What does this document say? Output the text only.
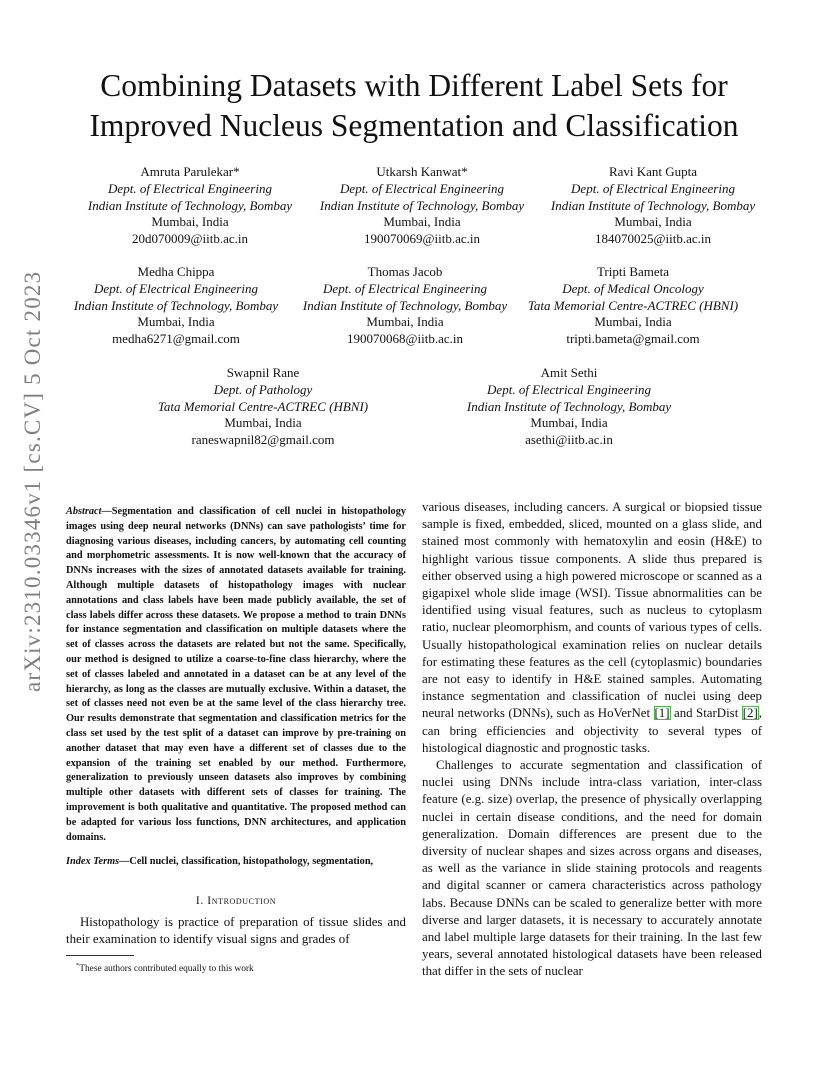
arXiv:2310.03346v1 [cs.CV] 5 Oct 2023
Combining Datasets with Different Label Sets for Improved Nucleus Segmentation and Classification
Amruta Parulekar*
Dept. of Electrical Engineering
Indian Institute of Technology, Bombay
Mumbai, India
20d070009@iitb.ac.in
Utkarsh Kanwat*
Dept. of Electrical Engineering
Indian Institute of Technology, Bombay
Mumbai, India
190070069@iitb.ac.in
Ravi Kant Gupta
Dept. of Electrical Engineering
Indian Institute of Technology, Bombay
Mumbai, India
184070025@iitb.ac.in
Medha Chippa
Dept. of Electrical Engineering
Indian Institute of Technology, Bombay
Mumbai, India
medha6271@gmail.com
Thomas Jacob
Dept. of Electrical Engineering
Indian Institute of Technology, Bombay
Mumbai, India
190070068@iitb.ac.in
Tripti Bameta
Dept. of Medical Oncology
Tata Memorial Centre-ACTREC (HBNI)
Mumbai, India
tripti.bameta@gmail.com
Swapnil Rane
Dept. of Pathology
Tata Memorial Centre-ACTREC (HBNI)
Mumbai, India
raneswapnil82@gmail.com
Amit Sethi
Dept. of Electrical Engineering
Indian Institute of Technology, Bombay
Mumbai, India
asethi@iitb.ac.in

Abstract—Segmentation and classification of cell nuclei in histopathology images using deep neural networks (DNNs) can save pathologists’ time for diagnosing various diseases, including cancers, by automating cell counting and morphometric assessments. It is now well-known that the accuracy of DNNs increases with the sizes of annotated datasets available for training. Although multiple datasets of histopathology images with nuclear annotations and class labels have been made publicly available, the set of class labels differ across these datasets. We propose a method to train DNNs for instance segmentation and classification on multiple datasets where the set of classes across the datasets are related but not the same. Specifically, our method is designed to utilize a coarse-to-fine class hierarchy, where the set of classes labeled and annotated in a dataset can be at any level of the hierarchy, as long as the classes are mutually exclusive. Within a dataset, the set of classes need not even be at the same level of the class hierarchy tree. Our results demonstrate that segmentation and classification metrics for the class set used by the test split of a dataset can improve by pre-training on another dataset that may even have a different set of classes due to the expansion of the training set enabled by our method. Furthermore, generalization to previously unseen datasets also improves by combining multiple other datasets with different sets of classes for training. The improvement is both qualitative and quantitative. The proposed method can be adapted for various loss functions, DNN architectures, and application domains.

Index Terms—Cell nuclei, classification, histopathology, segmentation,

I. Introduction

Histopathology is practice of preparation of tissue slides and their examination to identify visual signs and grades of

*These authors contributed equally to this work

various diseases, including cancers. A surgical or biopsied tissue sample is fixed, embedded, sliced, mounted on a glass slide, and stained most commonly with hematoxylin and eosin (H&E) to highlight various tissue components. A slide thus prepared is either observed using a high powered microscope or scanned as a gigapixel whole slide image (WSI). Tissue abnormalities can be identified using visual features, such as nucleus to cytoplasm ratio, nuclear pleomorphism, and counts of various types of cells. Usually histopathological examination relies on nuclear details for estimating these features as the cell (cytoplasmic) boundaries are not easy to identify in H&E stained samples. Automating instance segmentation and classification of nuclei using deep neural networks (DNNs), such as HoVerNet [1] and StarDist [2], can bring efficiencies and objectivity to several types of histological diagnostic and prognostic tasks.

Challenges to accurate segmentation and classification of nuclei using DNNs include intra-class variation, inter-class feature (e.g. size) overlap, the presence of physically overlapping nuclei in certain disease conditions, and the need for domain generalization. Domain differences are present due to the diversity of nuclear shapes and sizes across organs and diseases, as well as the variance in slide staining protocols and reagents and digital scanner or camera characteristics across pathology labs. Because DNNs can be scaled to generalize better with more diverse and larger datasets, it is necessary to accurately annotate and label multiple large datasets for their training. In the last few years, several annotated histological datasets have been released that differ in the sets of nuclear
